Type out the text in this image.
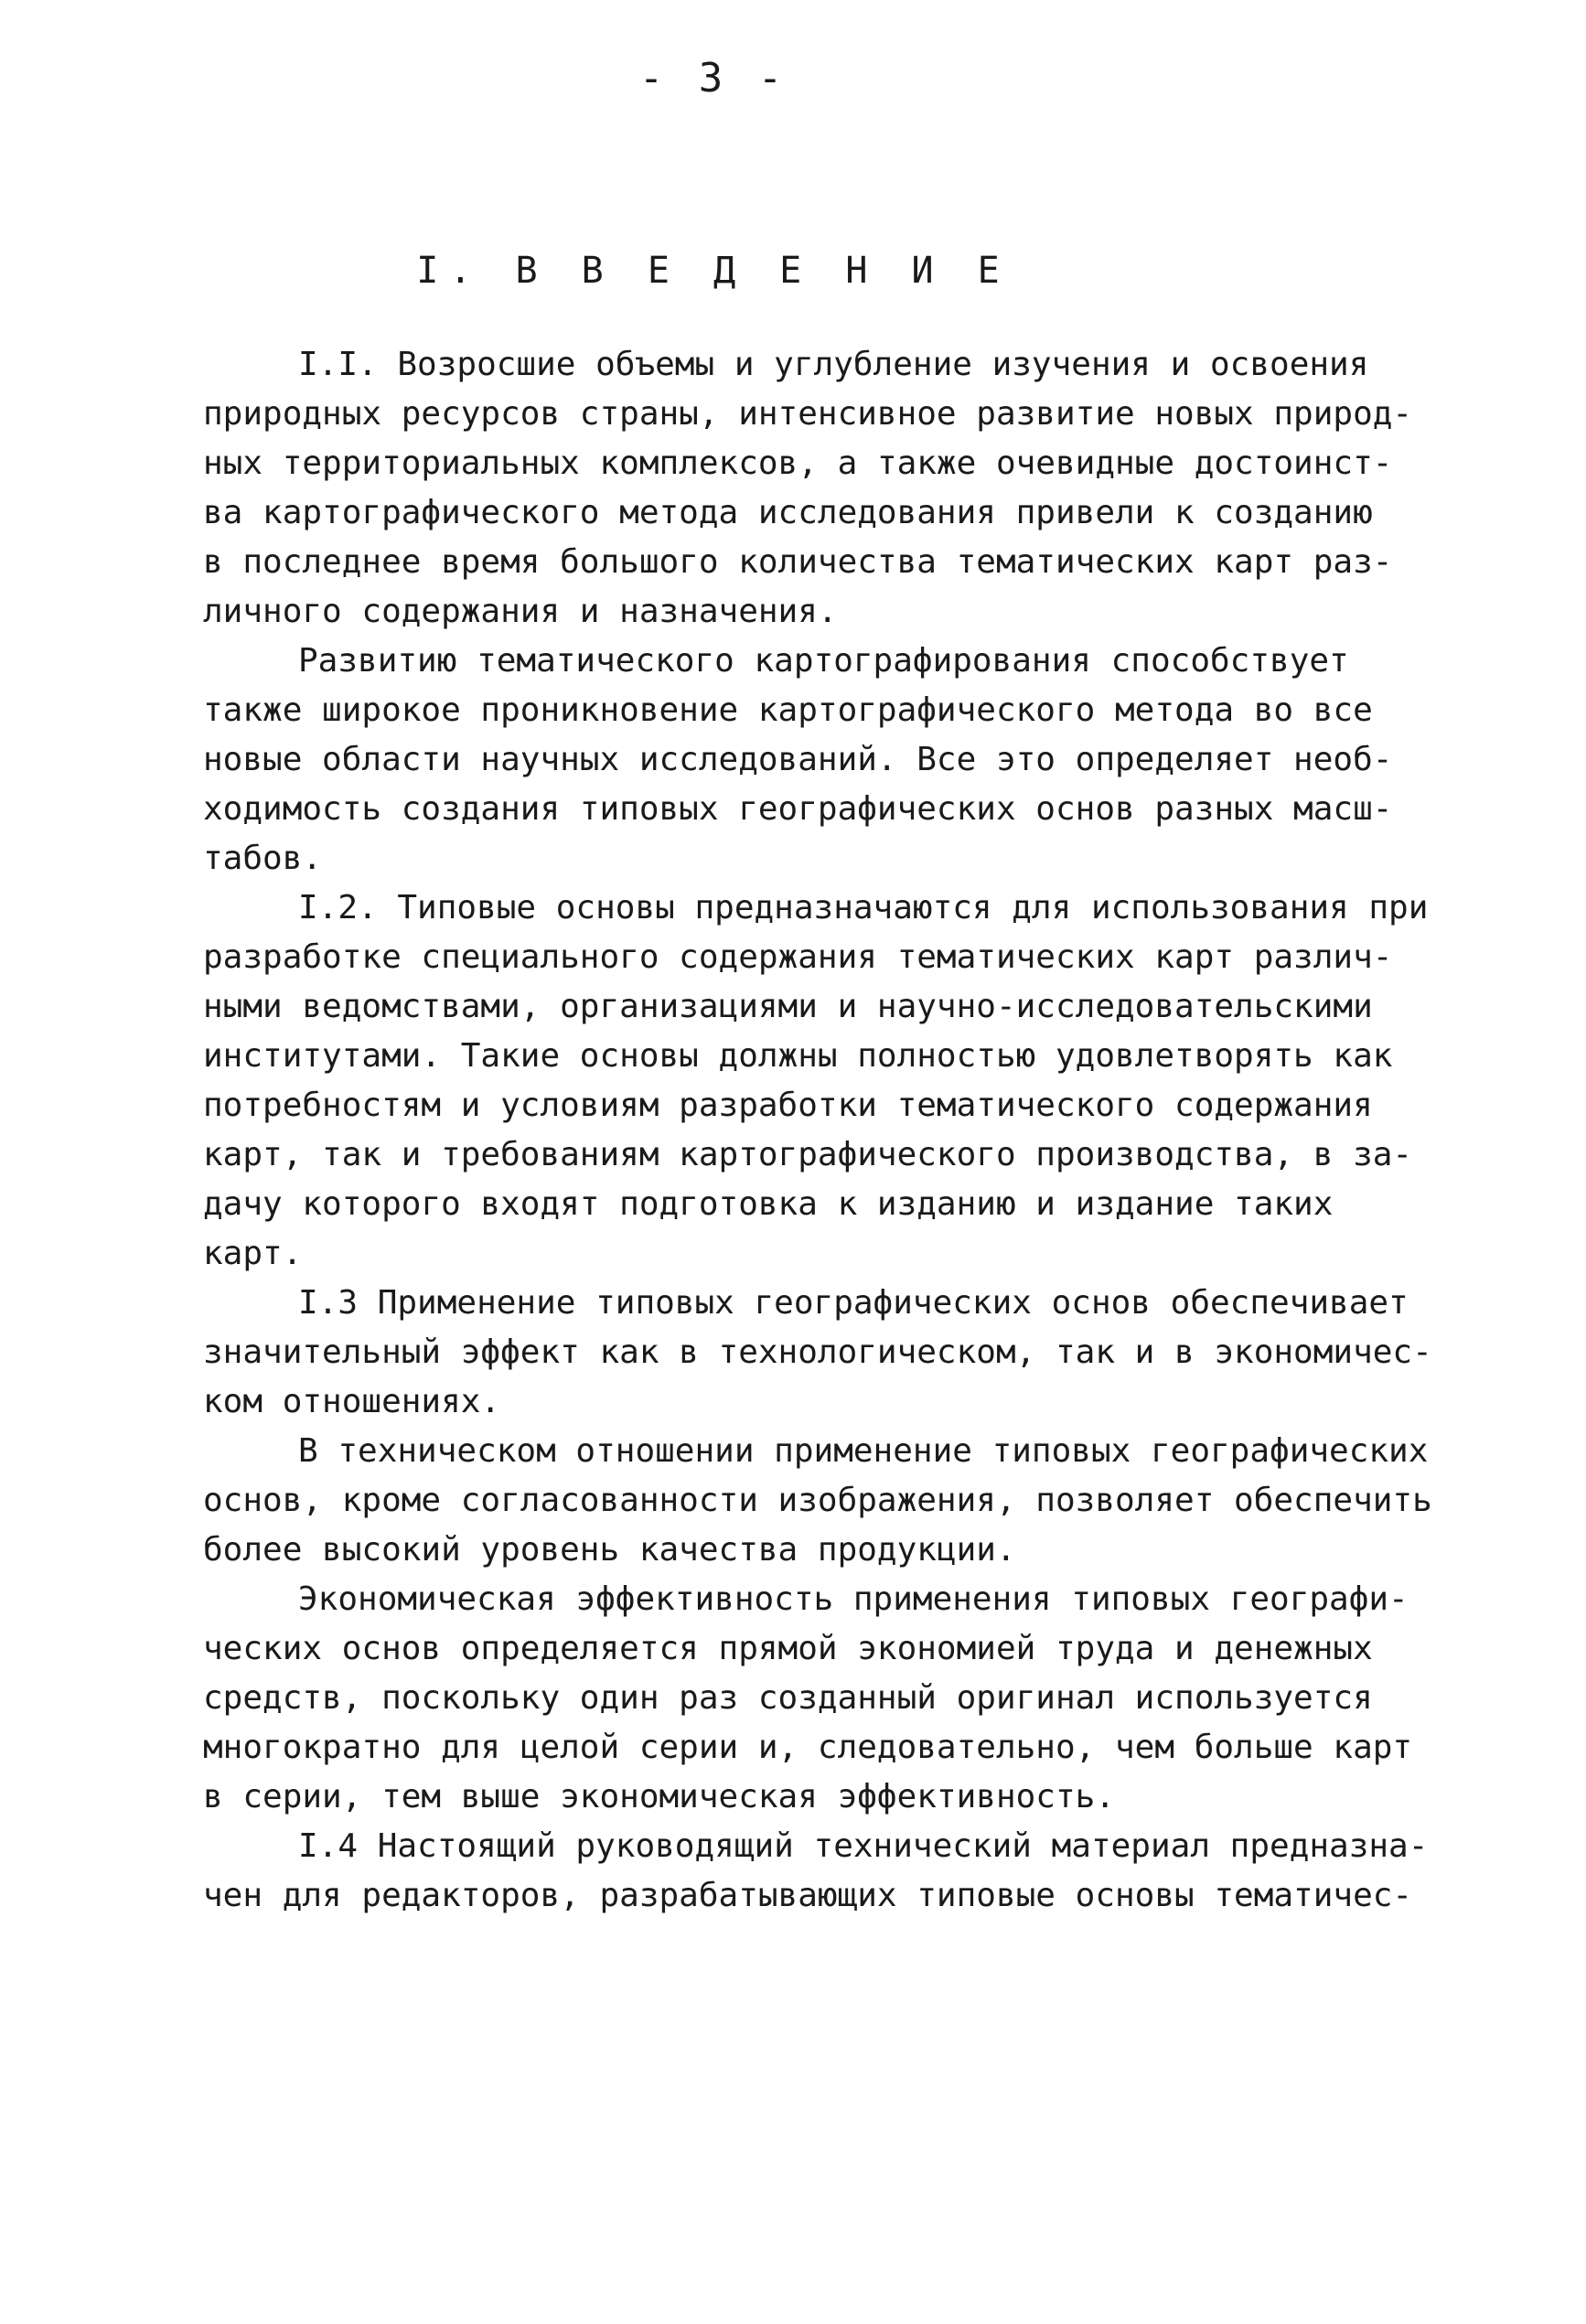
- 3 -
I. В В Е Д Е Н И Е
I.I. Возросшие объемы и углубление изучения и освоения
природных ресурсов страны, интенсивное развитие новых природ-
ных территориальных комплексов, а также очевидные достоинст-
ва картографического метода исследования привели к созданию
в последнее время большого количества тематических карт раз-
личного содержания и назначения.
Развитию тематического картографирования способствует
также широкое проникновение картографического метода во все
новые области научных исследований. Все это определяет необ-
ходимость создания типовых географических основ разных масш-
табов.
I.2. Типовые основы предназначаются для использования при
разработке специального содержания тематических карт различ-
ными ведомствами, организациями и научно-исследовательскими
институтами. Такие основы должны полностью удовлетворять как
потребностям и условиям разработки тематического содержания
карт, так и требованиям картографического производства, в за-
дачу которого входят подготовка к изданию и издание таких
карт.
I.3 Применение типовых географических основ обеспечивает
значительный эффект как в технологическом, так и в экономичес-
ком отношениях.
В техническом отношении применение типовых географических
основ, кроме согласованности изображения, позволяет обеспечить
более высокий уровень качества продукции.
Экономическая эффективность применения типовых географи-
ческих основ определяется прямой экономией труда и денежных
средств, поскольку один раз созданный оригинал используется
многократно для целой серии и, следовательно, чем больше карт
в серии, тем выше экономическая эффективность.
I.4 Настоящий руководящий технический материал предназна-
чен для редакторов, разрабатывающих типовые основы тематичес-
